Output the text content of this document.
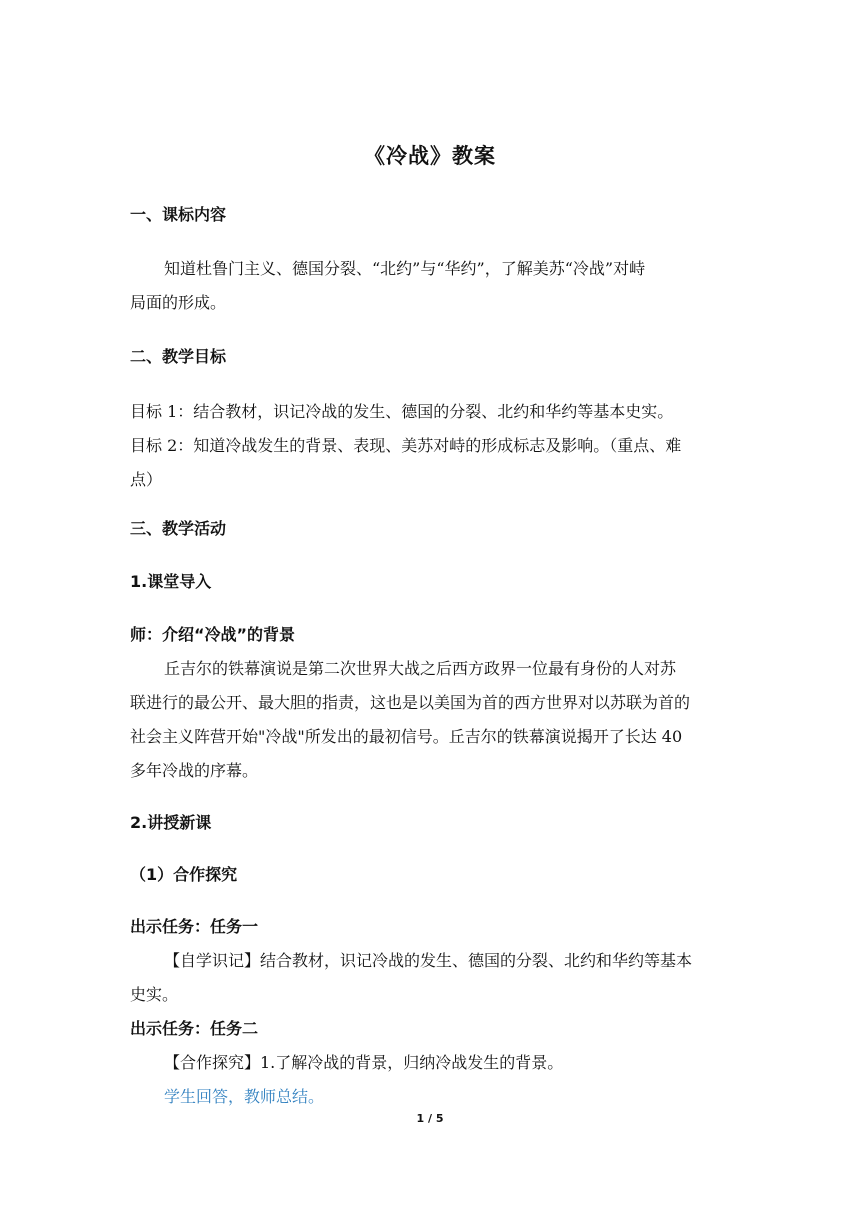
《冷战》教案
一、课标内容
知道杜鲁门主义、德国分裂、“北约”与“华约”，了解美苏“冷战”对峙
局面的形成。
二、教学目标
目标 1：结合教材，识记冷战的发生、德国的分裂、北约和华约等基本史实。
目标 2：知道冷战发生的背景、表现、美苏对峙的形成标志及影响。（重点、难
点）
三、教学活动
1.课堂导入
师：介绍“冷战”的背景
丘吉尔的铁幕演说是第二次世界大战之后西方政界一位最有身份的人对苏
联进行的最公开、最大胆的指责，这也是以美国为首的西方世界对以苏联为首的
社会主义阵营开始"冷战"所发出的最初信号。丘吉尔的铁幕演说揭开了长达 40
多年冷战的序幕。
2.讲授新课
（1）合作探究
出示任务：任务一
【自学识记】结合教材，识记冷战的发生、德国的分裂、北约和华约等基本
史实。
出示任务：任务二
【合作探究】1.了解冷战的背景，归纳冷战发生的背景。
学生回答，教师总结。
1 / 5
